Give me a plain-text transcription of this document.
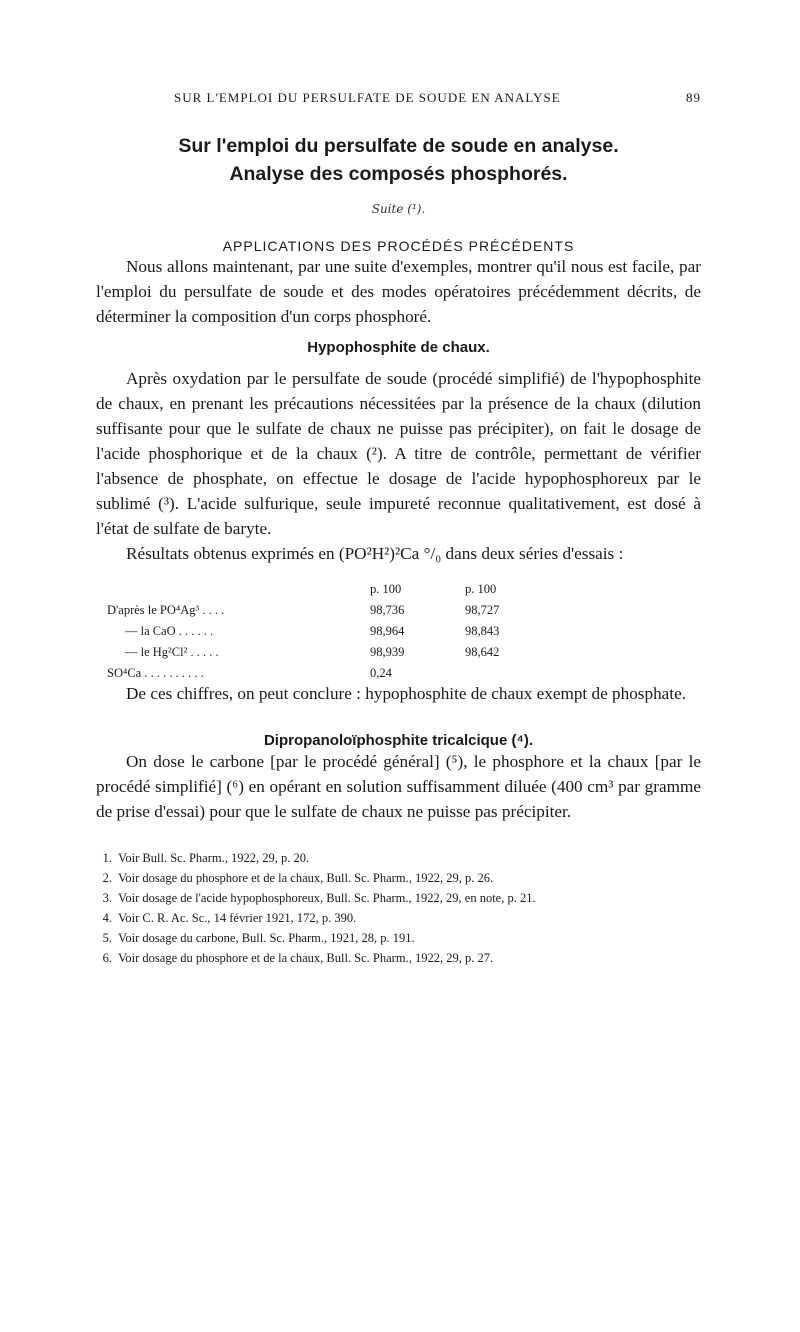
SUR L'EMPLOI DU PERSULFATE DE SOUDE EN ANALYSE	89
Sur l'emploi du persulfate de soude en analyse.
Analyse des composés phosphorés.
Suite (¹).
APPLICATIONS DES PROCÉDÉS PRÉCÉDENTS

Nous allons maintenant, par une suite d'exemples, montrer qu'il nous est facile, par l'emploi du persulfate de soude et des modes opératoires précédemment décrits, de déterminer la composition d'un corps phosphoré.

Hypophosphite de chaux.

Après oxydation par le persulfate de soude (procédé simplifié) de l'hypophosphite de chaux, en prenant les précautions nécessitées par la présence de la chaux (dilution suffisante pour que le sulfate de chaux ne puisse pas précipiter), on fait le dosage de l'acide phosphorique et de la chaux (²). A titre de contrôle, permettant de vérifier l'absence de phosphate, on effectue le dosage de l'acide hypophosphoreux par le sublimé (³). L'acide sulfurique, seule impureté reconnue qualitativement, est dosé à l'état de sulfate de baryte.

Résultats obtenus exprimés en (PO²H²)²Ca °/₀ dans deux séries d'essais :
	p. 100	p. 100
D'après le PO⁴Ag³ . . . .	98,736	98,727
— la CaO . . . . . .	98,964	98,843
— le Hg²Cl² . . . . .	98,939	98,642
SO⁴Ca . . . . . . . . . .	0,24	

De ces chiffres, on peut conclure : hypophosphite de chaux exempt de phosphate.

Dipropanoloïphosphite tricalcique (⁴).

On dose le carbone [par le procédé général] (⁵), le phosphore et la chaux [par le procédé simplifié] (⁶) en opérant en solution suffisamment diluée (400 cm³ par gramme de prise d'essai) pour que le sulfate de chaux ne puisse pas précipiter.

1. Voir Bull. Sc. Pharm., 1922, 29, p. 20.
2. Voir dosage du phosphore et de la chaux, Bull. Sc. Pharm., 1922, 29, p. 26.
3. Voir dosage de l'acide hypophosphoreux, Bull. Sc. Pharm., 1922, 29, en note, p. 21.
4. Voir C. R. Ac. Sc., 14 février 1921, 172, p. 390.
5. Voir dosage du carbone, Bull. Sc. Pharm., 1921, 28, p. 191.
6. Voir dosage du phosphore et de la chaux, Bull. Sc. Pharm., 1922, 29, p. 27.
